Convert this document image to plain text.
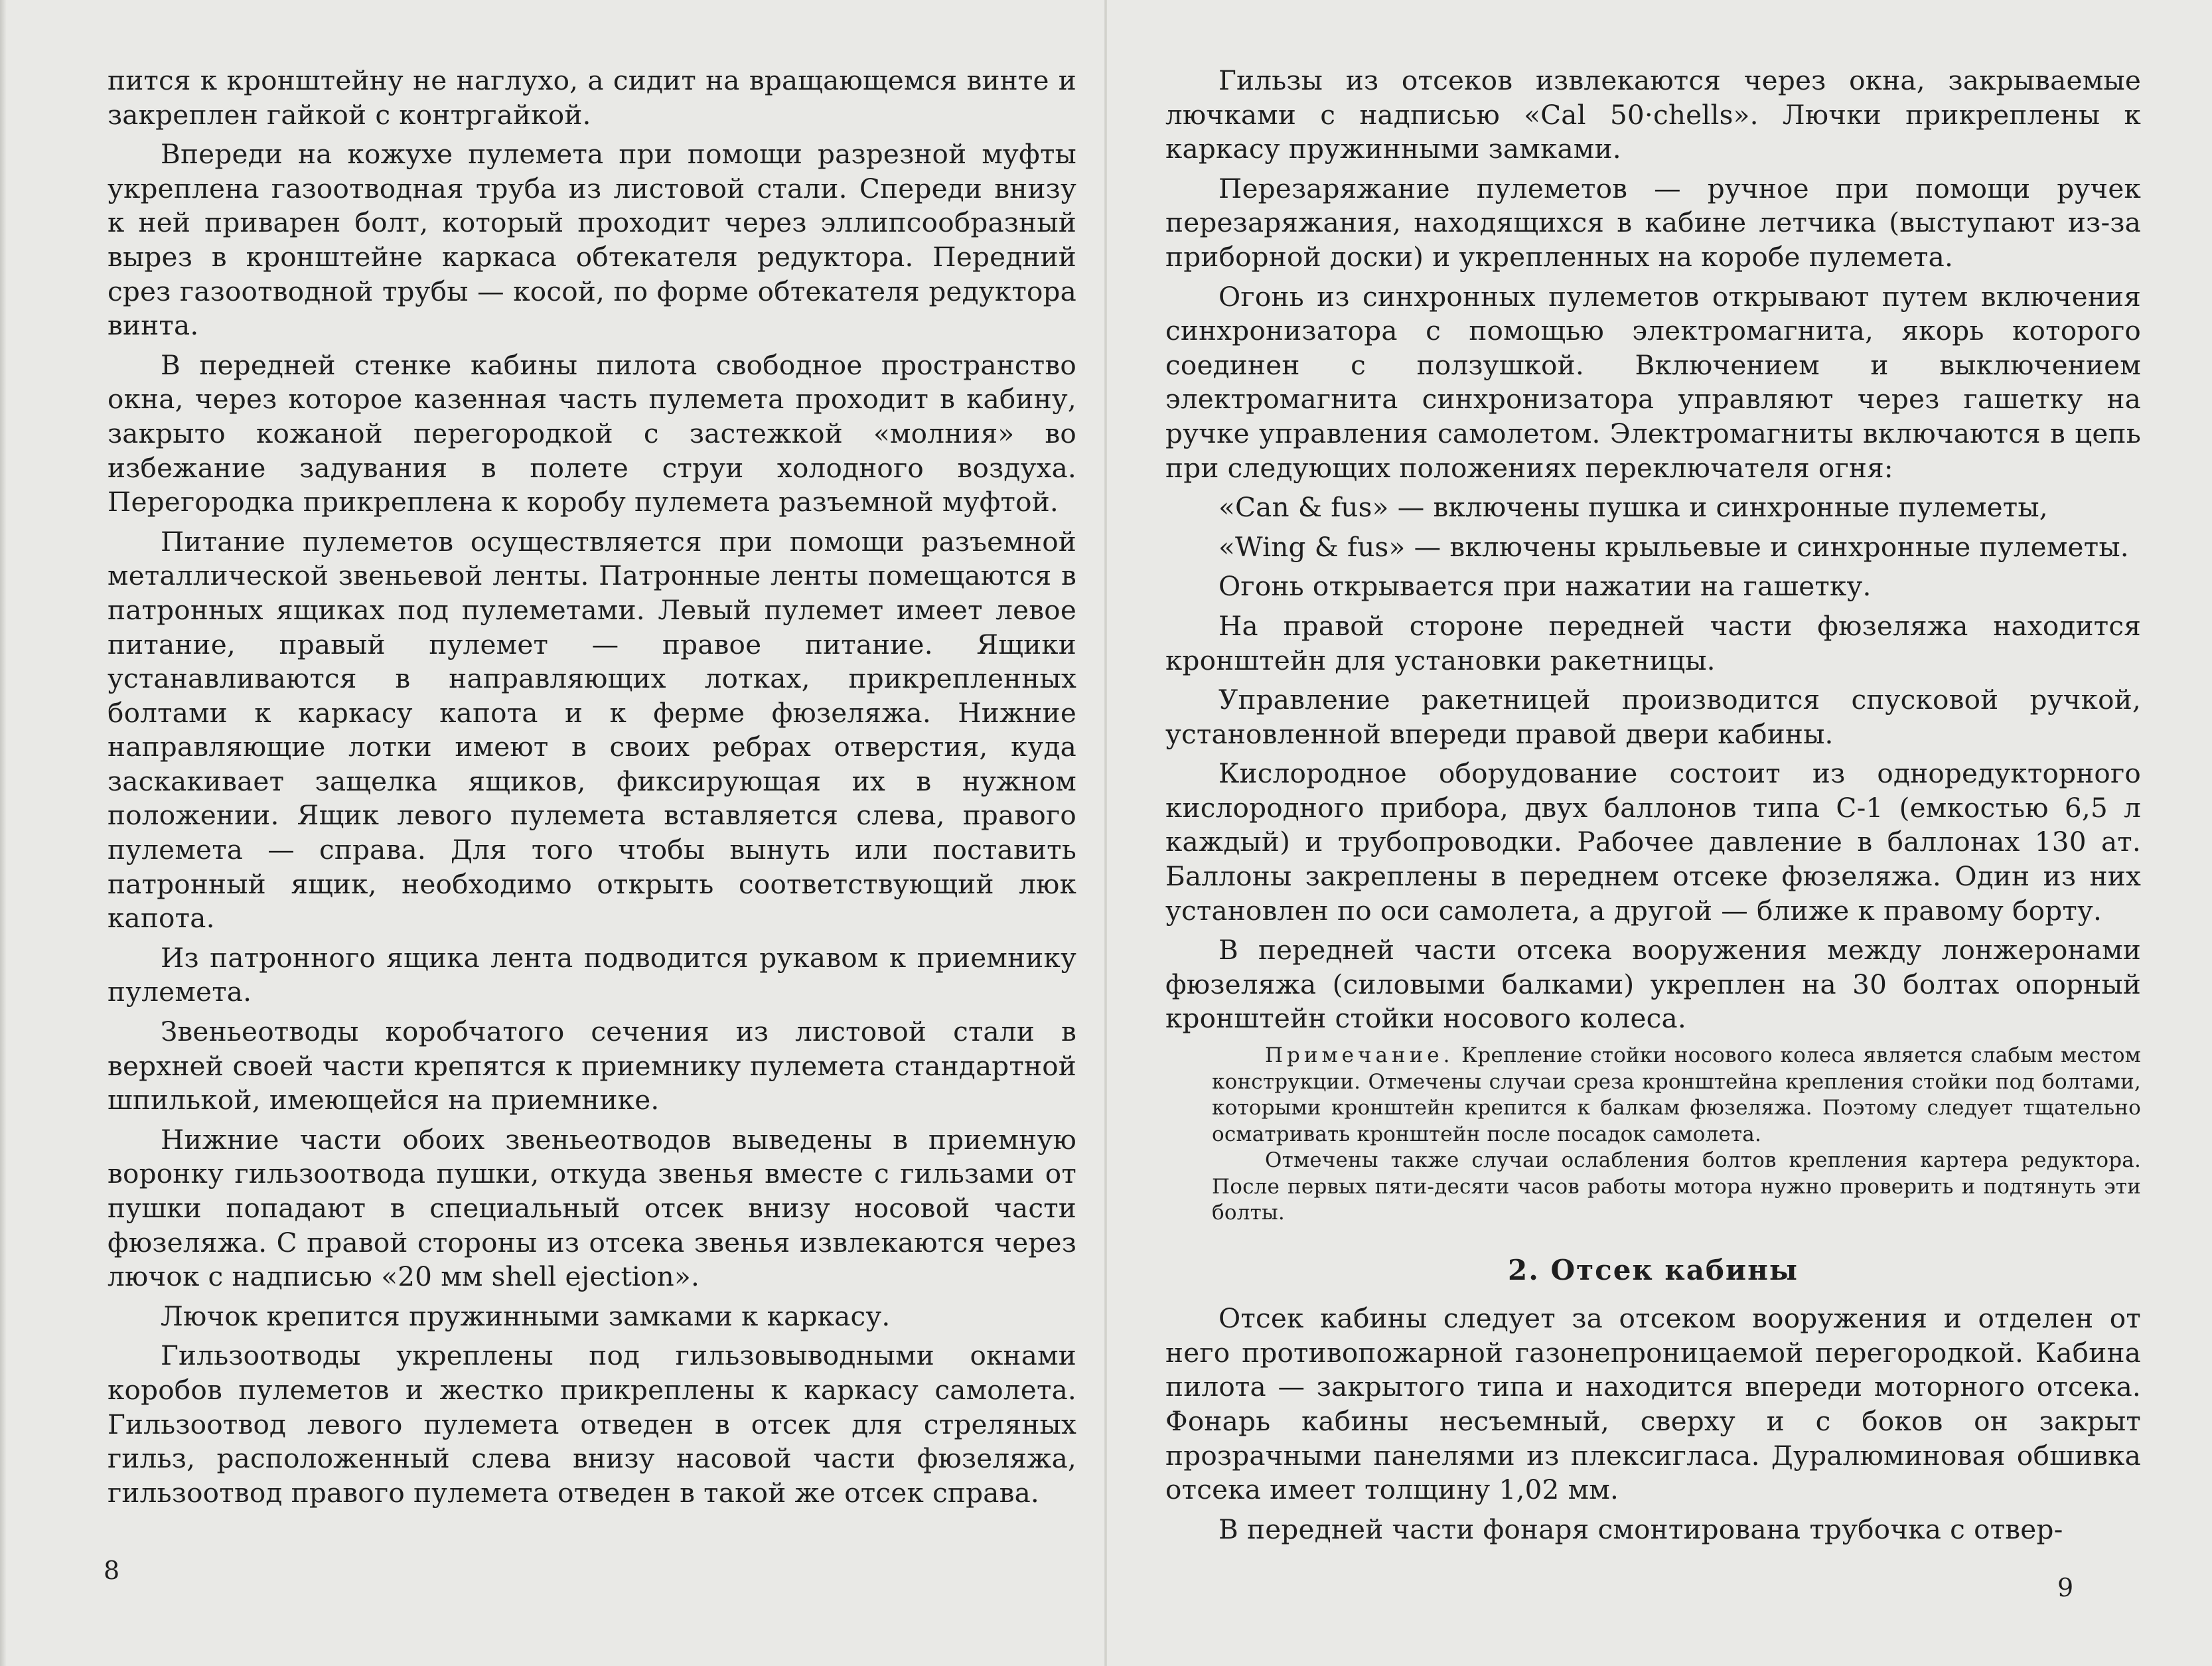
пится к кронштейну не наглухо, а сидит на вращающемся винте и закреплен гайкой с контргайкой.

Впереди на кожухе пулемета при помощи разрезной муфты укреплена газоотводная труба из листовой стали. Спереди внизу к ней приварен болт, который проходит через эллипсообразный вырез в кронштейне каркаса обтекателя редуктора. Передний срез газоотводной трубы — косой, по форме обтекателя редуктора винта.

В передней стенке кабины пилота свободное пространство окна, через которое казенная часть пулемета проходит в кабину, закрыто кожаной перегородкой с застежкой «молния» во избежание задувания в полете струи холодного воздуха. Перегородка прикреплена к коробу пулемета разъемной муфтой.

Питание пулеметов осуществляется при помощи разъемной металлической звеньевой ленты. Патронные ленты помещаются в патронных ящиках под пулеметами. Левый пулемет имеет левое питание, правый пулемет — правое питание. Ящики устанавливаются в направляющих лотках, прикрепленных болтами к каркасу капота и к ферме фюзеляжа. Нижние направляющие лотки имеют в своих ребрах отверстия, куда заскакивает защелка ящиков, фиксирующая их в нужном положении. Ящик левого пулемета вставляется слева, правого пулемета — справа. Для того чтобы вынуть или поставить патронный ящик, необходимо открыть соответствующий люк капота.

Из патронного ящика лента подводится рукавом к приемнику пулемета.

Звеньеотводы коробчатого сечения из листовой стали в верхней своей части крепятся к приемнику пулемета стандартной шпилькой, имеющейся на приемнике.

Нижние части обоих звеньеотводов выведены в приемную воронку гильзоотвода пушки, откуда звенья вместе с гильзами от пушки попадают в специальный отсек внизу носовой части фюзеляжа. С правой стороны из отсека звенья извлекаются через лючок с надписью «20 мм shell ejection».

Лючок крепится пружинными замками к каркасу.

Гильзоотводы укреплены под гильзовыводными окнами коробов пулеметов и жестко прикреплены к каркасу самолета. Гильзоотвод левого пулемета отведен в отсек для стреляных гильз, расположенный слева внизу насовой части фюзеляжа, гильзоотвод правого пулемета отведен в такой же отсек справа.

8

Гильзы из отсеков извлекаются через окна, закрываемые лючками с надписью «Cal 50·chells». Лючки прикреплены к каркасу пружинными замками.

Перезаряжание пулеметов — ручное при помощи ручек перезаряжания, находящихся в кабине летчика (выступают из-за приборной доски) и укрепленных на коробе пулемета.

Огонь из синхронных пулеметов открывают путем включения синхронизатора с помощью электромагнита, якорь которого соединен с ползушкой. Включением и выключением электромагнита синхронизатора управляют через гашетку на ручке управления самолетом. Электромагниты включаются в цепь при следующих положениях переключателя огня:

«Can & fus» — включены пушка и синхронные пулеметы,

«Wing & fus» — включены крыльевые и синхронные пулеметы.

Огонь открывается при нажатии на гашетку.

На правой стороне передней части фюзеляжа находится кронштейн для установки ракетницы.

Управление ракетницей производится спусковой ручкой, установленной впереди правой двери кабины.

Кислородное оборудование состоит из одноредукторного кислородного прибора, двух баллонов типа С-1 (емкостью 6,5 л каждый) и трубопроводки. Рабочее давление в баллонах 130 ат. Баллоны закреплены в переднем отсеке фюзеляжа. Один из них установлен по оси самолета, а другой — ближе к правому борту.

В передней части отсека вооружения между лонжеронами фюзеляжа (силовыми балками) укреплен на 30 болтах опорный кронштейн стойки носового колеса.

Примечание. Крепление стойки носового колеса является слабым местом конструкции. Отмечены случаи среза кронштейна крепления стойки под болтами, которыми кронштейн крепится к балкам фюзеляжа. Поэтому следует тщательно осматривать кронштейн после посадок самолета.

Отмечены также случаи ослабления болтов крепления картера редуктора. После первых пяти-десяти часов работы мотора нужно проверить и подтянуть эти болты.

2. Отсек кабины

Отсек кабины следует за отсеком вооружения и отделен от него противопожарной газонепроницаемой перегородкой. Кабина пилота — закрытого типа и находится впереди моторного отсека. Фонарь кабины несъемный, сверху и с боков он закрыт прозрачными панелями из плексигласа. Дуралюминовая обшивка отсека имеет толщину 1,02 мм.

В передней части фонаря смонтирована трубочка с отвер-

9
